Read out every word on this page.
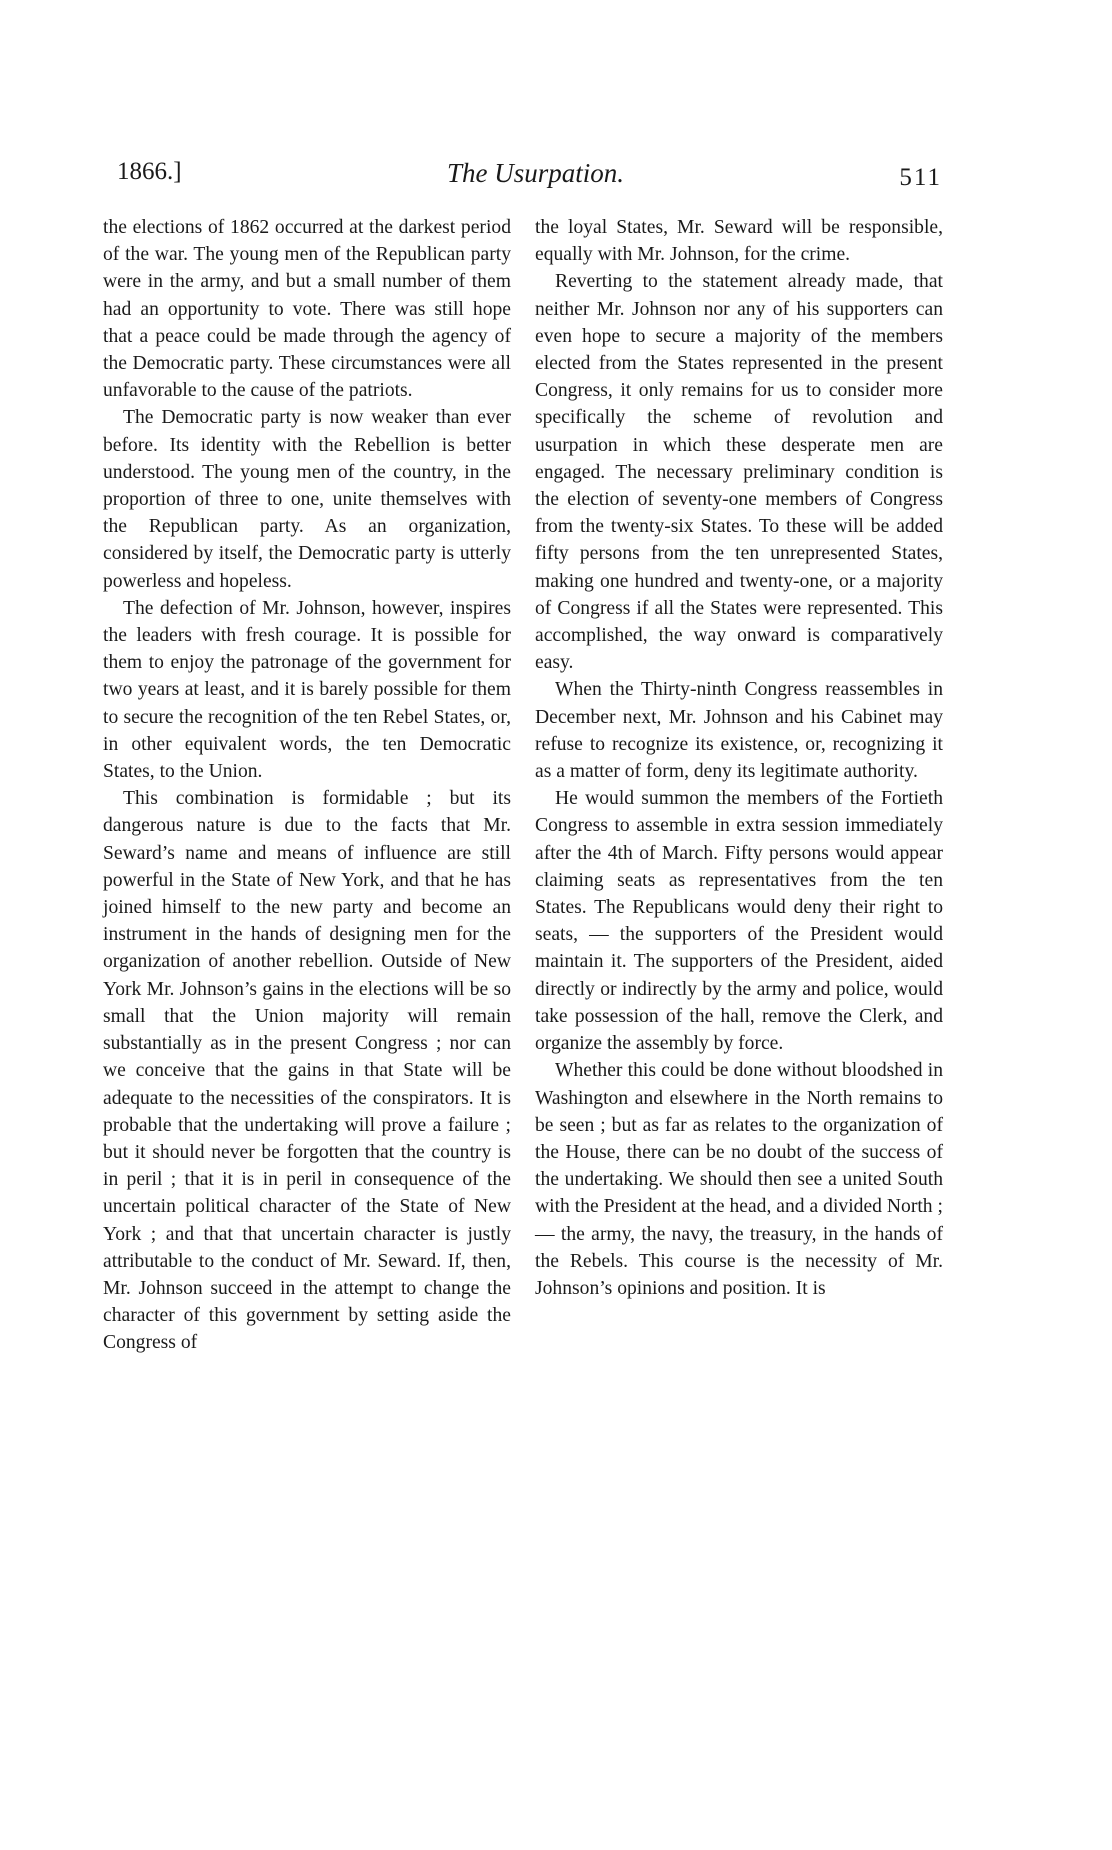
1866.]	The Usurpation.	511

the elections of 1862 occurred at the darkest period of the war. The young men of the Republican party were in the army, and but a small number of them had an opportunity to vote. There was still hope that a peace could be made through the agency of the Democratic party. These circumstances were all unfavorable to the cause of the patriots.

The Democratic party is now weaker than ever before. Its identity with the Rebellion is better understood. The young men of the country, in the proportion of three to one, unite themselves with the Republican party. As an organization, considered by itself, the Democratic party is utterly powerless and hopeless.

The defection of Mr. Johnson, however, inspires the leaders with fresh courage. It is possible for them to enjoy the patronage of the government for two years at least, and it is barely possible for them to secure the recognition of the ten Rebel States, or, in other equivalent words, the ten Democratic States, to the Union.

This combination is formidable ; but its dangerous nature is due to the facts that Mr. Seward’s name and means of influence are still powerful in the State of New York, and that he has joined himself to the new party and become an instrument in the hands of designing men for the organization of another rebellion. Outside of New York Mr. Johnson’s gains in the elections will be so small that the Union majority will remain substantially as in the present Congress ; nor can we conceive that the gains in that State will be adequate to the necessities of the conspirators. It is probable that the undertaking will prove a failure ; but it should never be forgotten that the country is in peril ; that it is in peril in consequence of the uncertain political character of the State of New York ; and that that uncertain character is justly attributable to the conduct of Mr. Seward. If, then, Mr. Johnson succeed in the attempt to change the character of this government by setting aside the Congress of

the loyal States, Mr. Seward will be responsible, equally with Mr. Johnson, for the crime.

Reverting to the statement already made, that neither Mr. Johnson nor any of his supporters can even hope to secure a majority of the members elected from the States represented in the present Congress, it only remains for us to consider more specifically the scheme of revolution and usurpation in which these desperate men are engaged. The necessary preliminary condition is the election of seventy-one members of Congress from the twenty-six States. To these will be added fifty persons from the ten unrepresented States, making one hundred and twenty-one, or a majority of Congress if all the States were represented. This accomplished, the way onward is comparatively easy.

When the Thirty-ninth Congress reassembles in December next, Mr. Johnson and his Cabinet may refuse to recognize its existence, or, recognizing it as a matter of form, deny its legitimate authority.

He would summon the members of the Fortieth Congress to assemble in extra session immediately after the 4th of March. Fifty persons would appear claiming seats as representatives from the ten States. The Republicans would deny their right to seats, — the supporters of the President would maintain it. The supporters of the President, aided directly or indirectly by the army and police, would take possession of the hall, remove the Clerk, and organize the assembly by force.

Whether this could be done without bloodshed in Washington and elsewhere in the North remains to be seen ; but as far as relates to the organization of the House, there can be no doubt of the success of the undertaking. We should then see a united South with the President at the head, and a divided North ; — the army, the navy, the treasury, in the hands of the Rebels. This course is the necessity of Mr. Johnson’s opinions and position. It is
